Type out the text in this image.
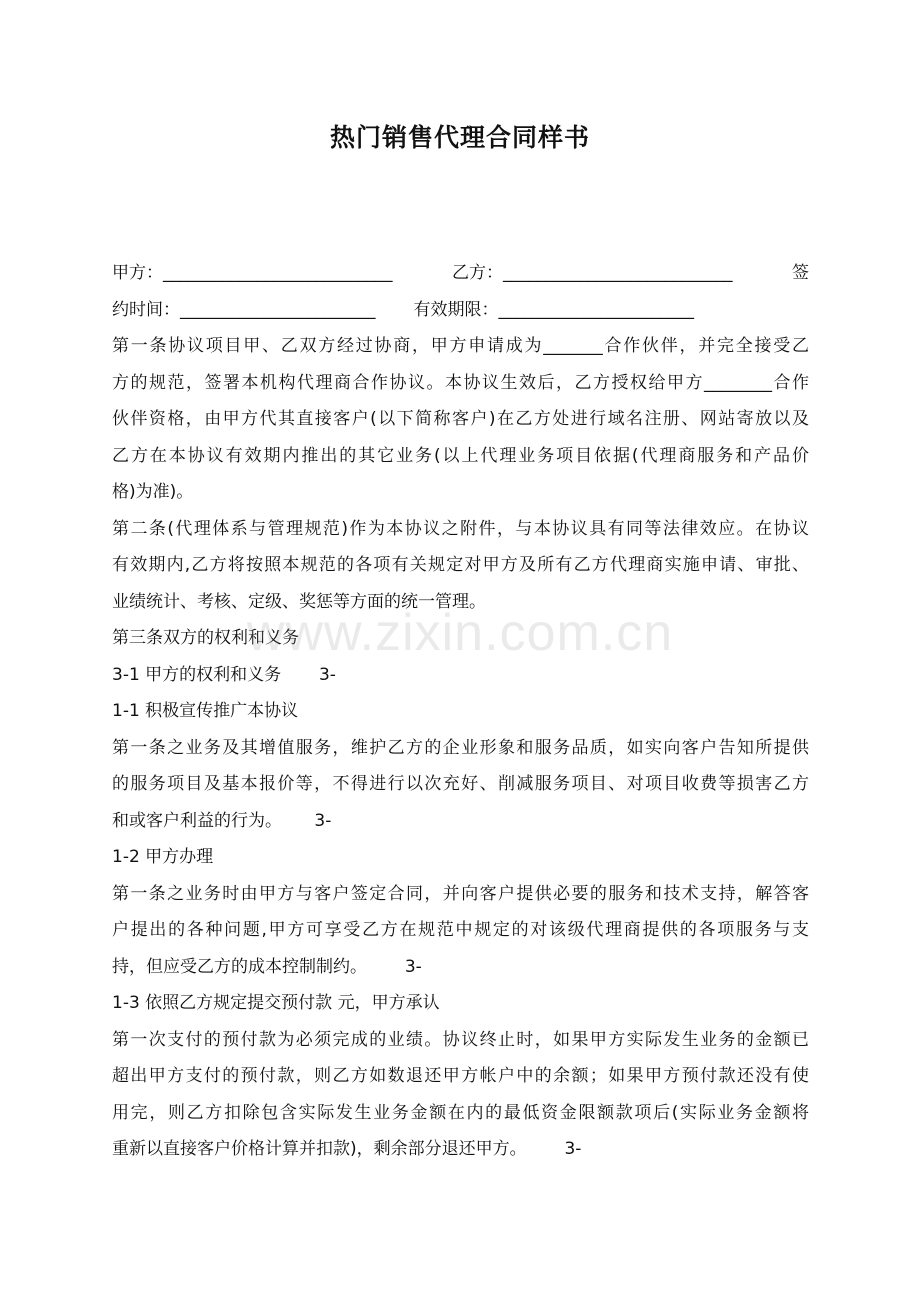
热门销售代理合同样书
甲方：___________________________	乙方：___________________________	签
约时间：_______________________ 有效期限：_______________________
第一条协议项目甲、乙双方经过协商，甲方申请成为_______合作伙伴，并完全接受乙
方的规范，签署本机构代理商合作协议。本协议生效后，乙方授权给甲方________合作
伙伴资格，由甲方代其直接客户(以下简称客户)在乙方处进行域名注册、网站寄放以及
乙方在本协议有效期内推出的其它业务(以上代理业务项目依据(代理商服务和产品价
格)为准)。
第二条(代理体系与管理规范)作为本协议之附件，与本协议具有同等法律效应。在协议
有效期内,乙方将按照本规范的各项有关规定对甲方及所有乙方代理商实施申请、审批、
业绩统计、考核、定级、奖惩等方面的统一管理。
第三条双方的权利和义务
3-1 甲方的权利和义务       3-
1-1 积极宣传推广本协议
第一条之业务及其增值服务，维护乙方的企业形象和服务品质，如实向客户告知所提供
的服务项目及基本报价等，不得进行以次充好、削减服务项目、对项目收费等损害乙方
和或客户利益的行为。      3-
1-2 甲方办理
第一条之业务时由甲方与客户签定合同，并向客户提供必要的服务和技术支持，解答客
户提出的各种问题,甲方可享受乙方在规范中规定的对该级代理商提供的各项服务与支
持，但应受乙方的成本控制制约。       3-
1-3 依照乙方规定提交预付款 元，甲方承认
第一次支付的预付款为必须完成的业绩。协议终止时，如果甲方实际发生业务的金额已
超出甲方支付的预付款，则乙方如数退还甲方帐户中的余额；如果甲方预付款还没有使
用完，则乙方扣除包含实际发生业务金额在内的最低资金限额款项后(实际业务金额将
重新以直接客户价格计算并扣款)，剩余部分退还甲方。       3-
www.zixin.com.cn
